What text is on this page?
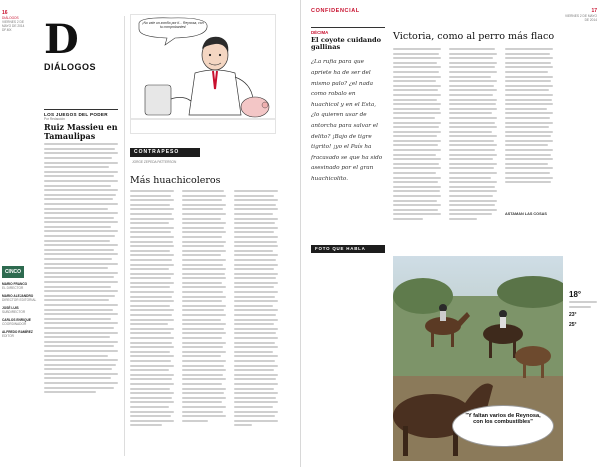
16
DIÁLOGOS
VIERNES 2 DE MAYO DE 2014
DF.MX D
DIÁLOGOS
LOS JUEGOS DEL PODER
Por Redacción
Ruiz Massieu en Tamaulipas
CINCO
MARIO FRANCO
EL DIRECTOR
MARIO ALEJANDRO
DIRECTOR EDITORIAL
JOSÉ LUIS
SUBDIRECTOR
CARLOS ENRIQUE
COORDINADOR
ALFREDO RAMÍREZ
EDITOR
¡No vale un zorrillo por ti... Reynosa, con tu comprobantes!
CONTRAPESO
JORGE ZEPEDA PATTERSON
Más huachicoleros
CONFIDENCIAL	17
VIERNES 2 DE MAYO DE 2014
DÉCIMA
El coyote cuidando gallinas
¿La rufia para que apriete ha de ser del mismo palo? ¿el nada como robalo en huachicol y en el Esta, ¿lo quieren usar de antorcha para salvar el delito? ¡Bajo de tigre tigrito! ¡yo el País ha fracasado se que ha sido asesinado por el gran huachicolito.
FOTO QUE HABLA
Victoria, como al perro más flaco
ASTAMAN LAS COSAS
18°
23°
25°
"Y faltan varios de Reynosa, con los combustibles"
